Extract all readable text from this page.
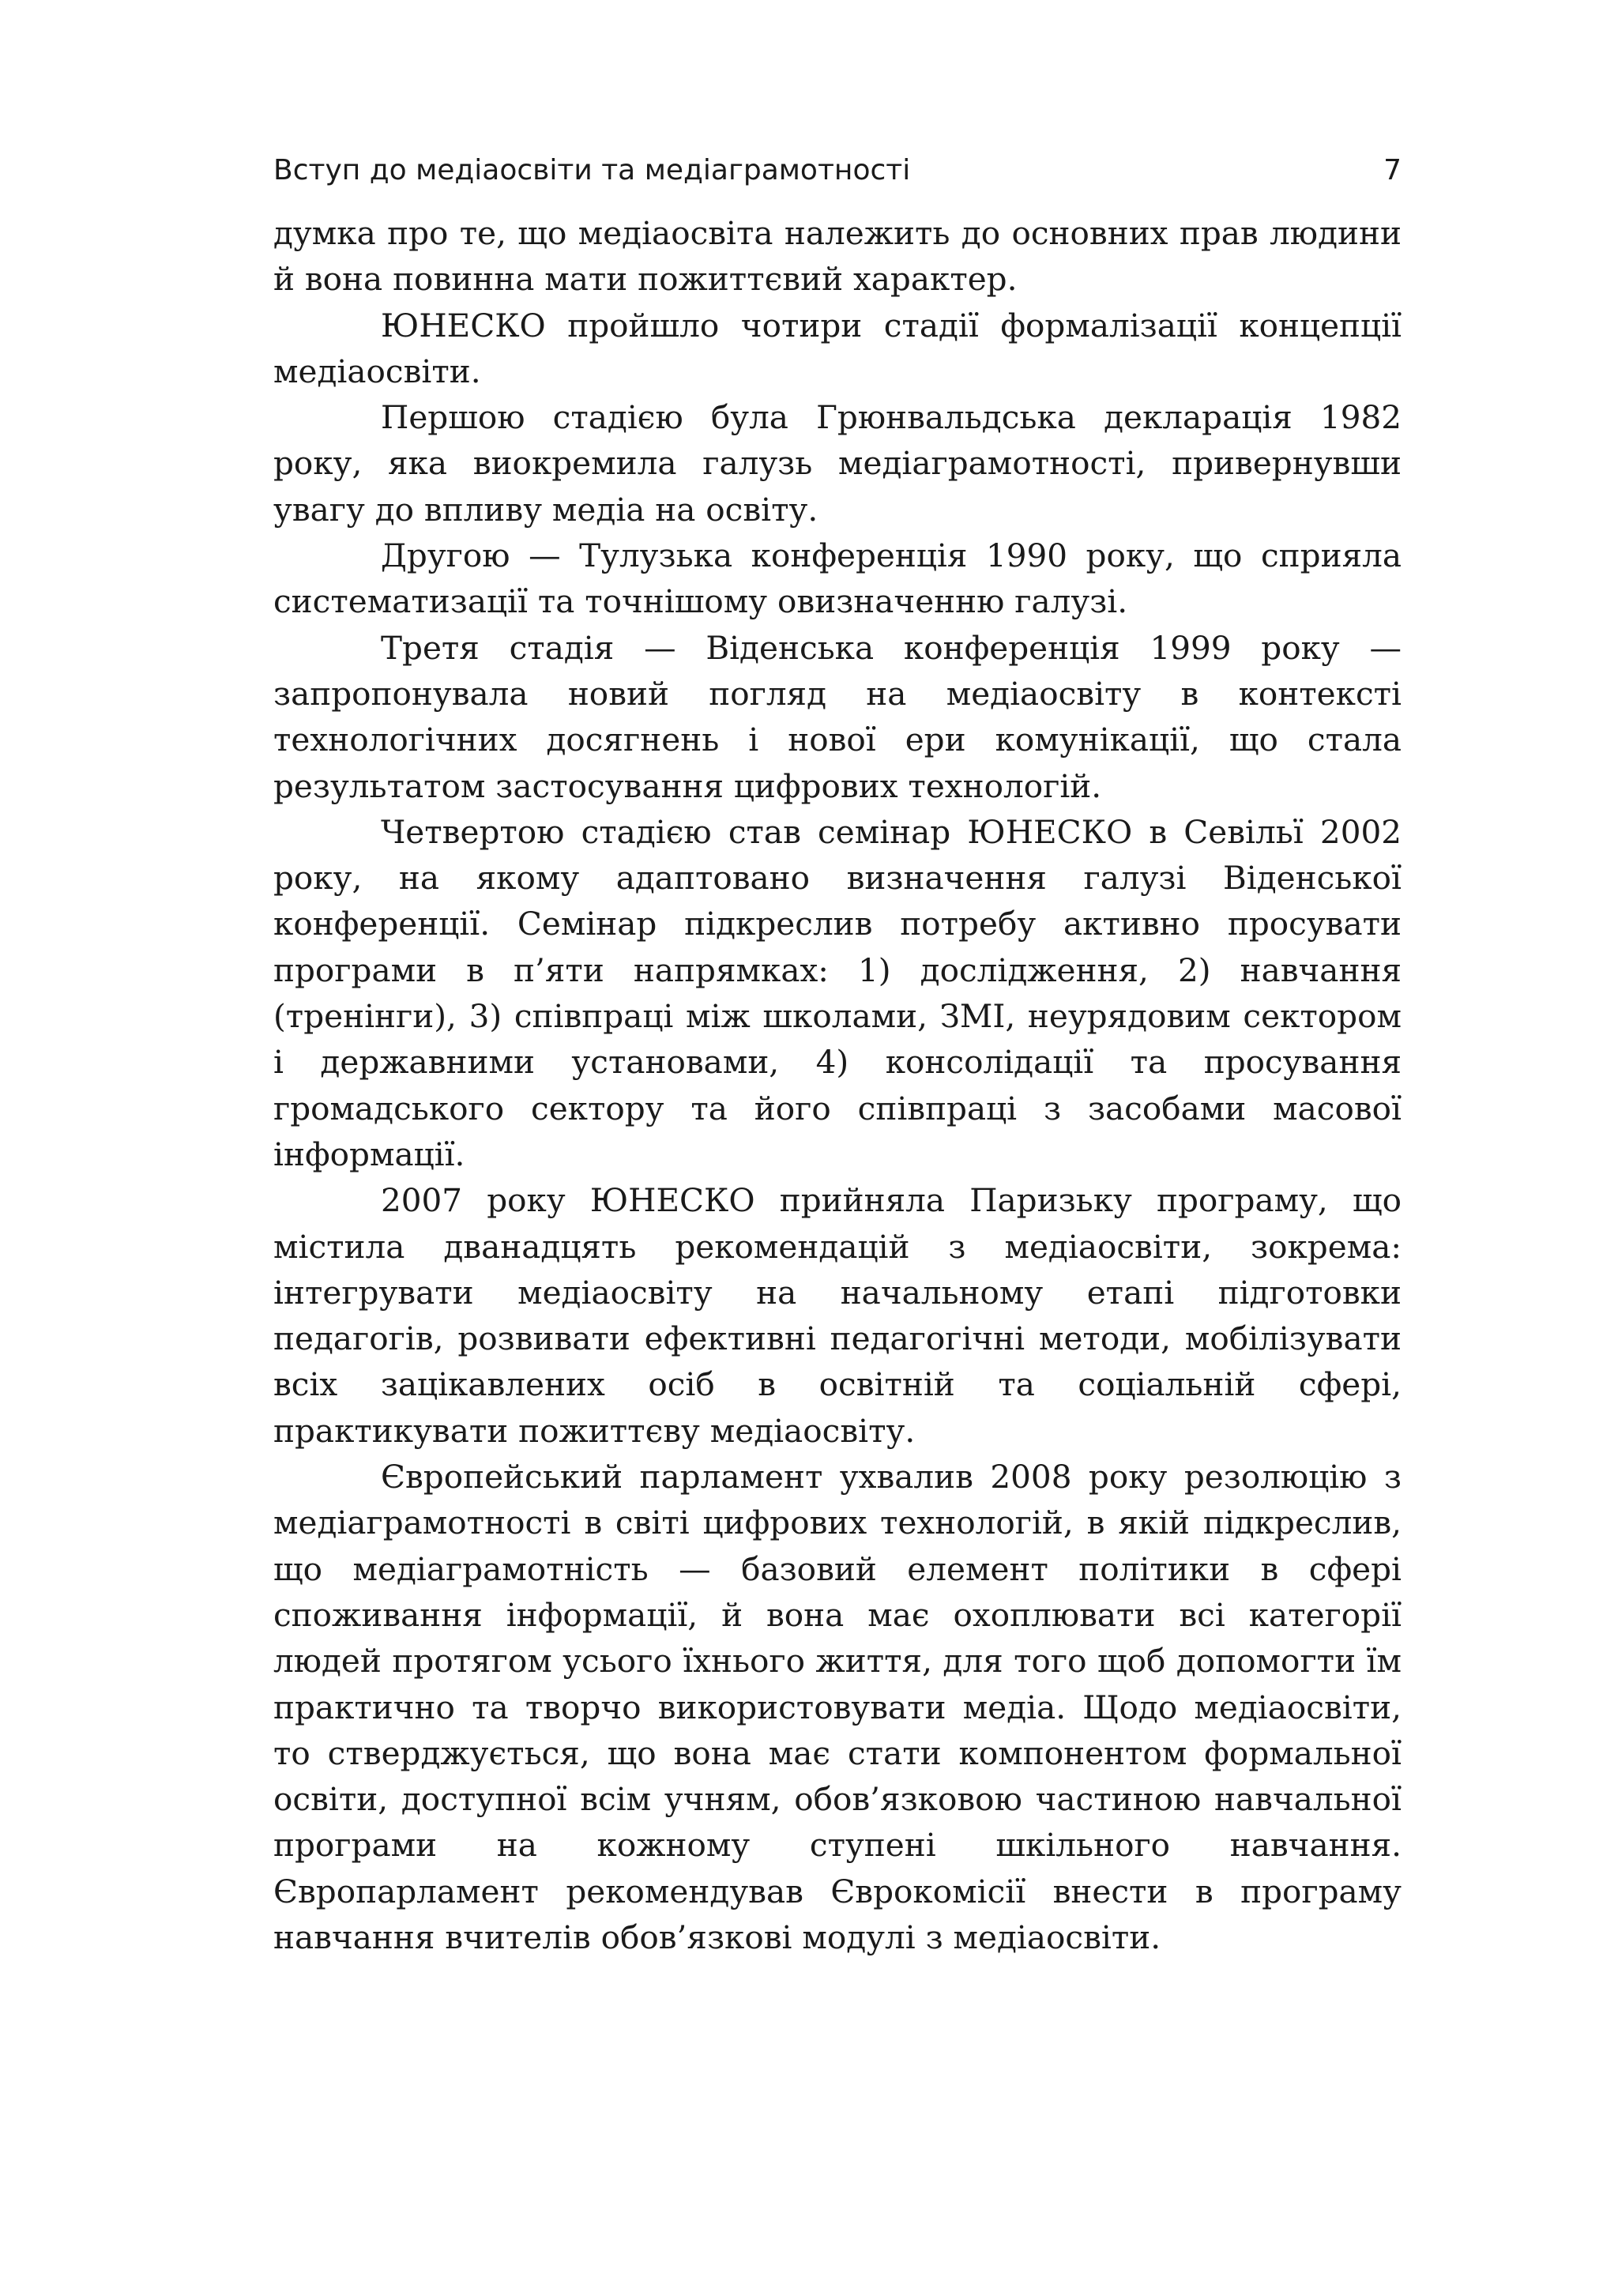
Вступ до медіаосвіти та медіаграмотності	7

думка про те, що медіаосвіта належить до основних прав людини й вона повинна мати пожиттєвий характер.

ЮНЕСКО пройшло чотири стадії формалізації концепції медіаосвіти.

Першою стадією була Грюнвальдська декларація 1982 року, яка виокремила галузь медіаграмотності, привернувши увагу до впливу медіа на освіту.

Другою — Тулузька конференція 1990 року, що сприяла систематизації та точнішому овизначенню галузі.

Третя стадія — Віденська конференція 1999 року — запропонувала новий погляд на медіаосвіту в контексті технологічних досягнень і нової ери комунікації, що стала результатом застосування цифрових технологій.

Четвертою стадією став семінар ЮНЕСКО в Севільї 2002 року, на якому адаптовано визначення галузі Віденської конференції. Семінар підкреслив потребу активно просувати програми в п’яти напрямках: 1) дослідження, 2) навчання (тренінги), 3) співпраці між школами, ЗМІ, неурядовим сектором і державними установами, 4) консолідації та просування громадського сектору та його співпраці з засобами масової інформації.

2007 року ЮНЕСКО прийняла Паризьку програму, що містила дванадцять рекомендацій з медіаосвіти, зокрема: інтегрувати медіаосвіту на начальному етапі підготовки педагогів, розвивати ефективні педагогічні методи, мобілізувати всіх зацікавлених осіб в освітній та соціальній сфері, практикувати пожиттєву медіаосвіту.

Європейський парламент ухвалив 2008 року резолюцію з медіаграмотності в світі цифрових технологій, в якій підкреслив, що медіаграмотність — базовий елемент політики в сфері споживання інформації, й вона має охоплювати всі категорії людей протягом усього їхнього життя, для того щоб допомогти їм практично та творчо використовувати медіа. Щодо медіаосвіти, то стверджується, що вона має стати компонентом формальної освіти, доступної всім учням, обов’язковою частиною навчальної програми на кожному ступені шкільного навчання. Європарламент рекомендував Єврокомісії внести в програму навчання вчителів обов’язкові модулі з медіаосвіти.
